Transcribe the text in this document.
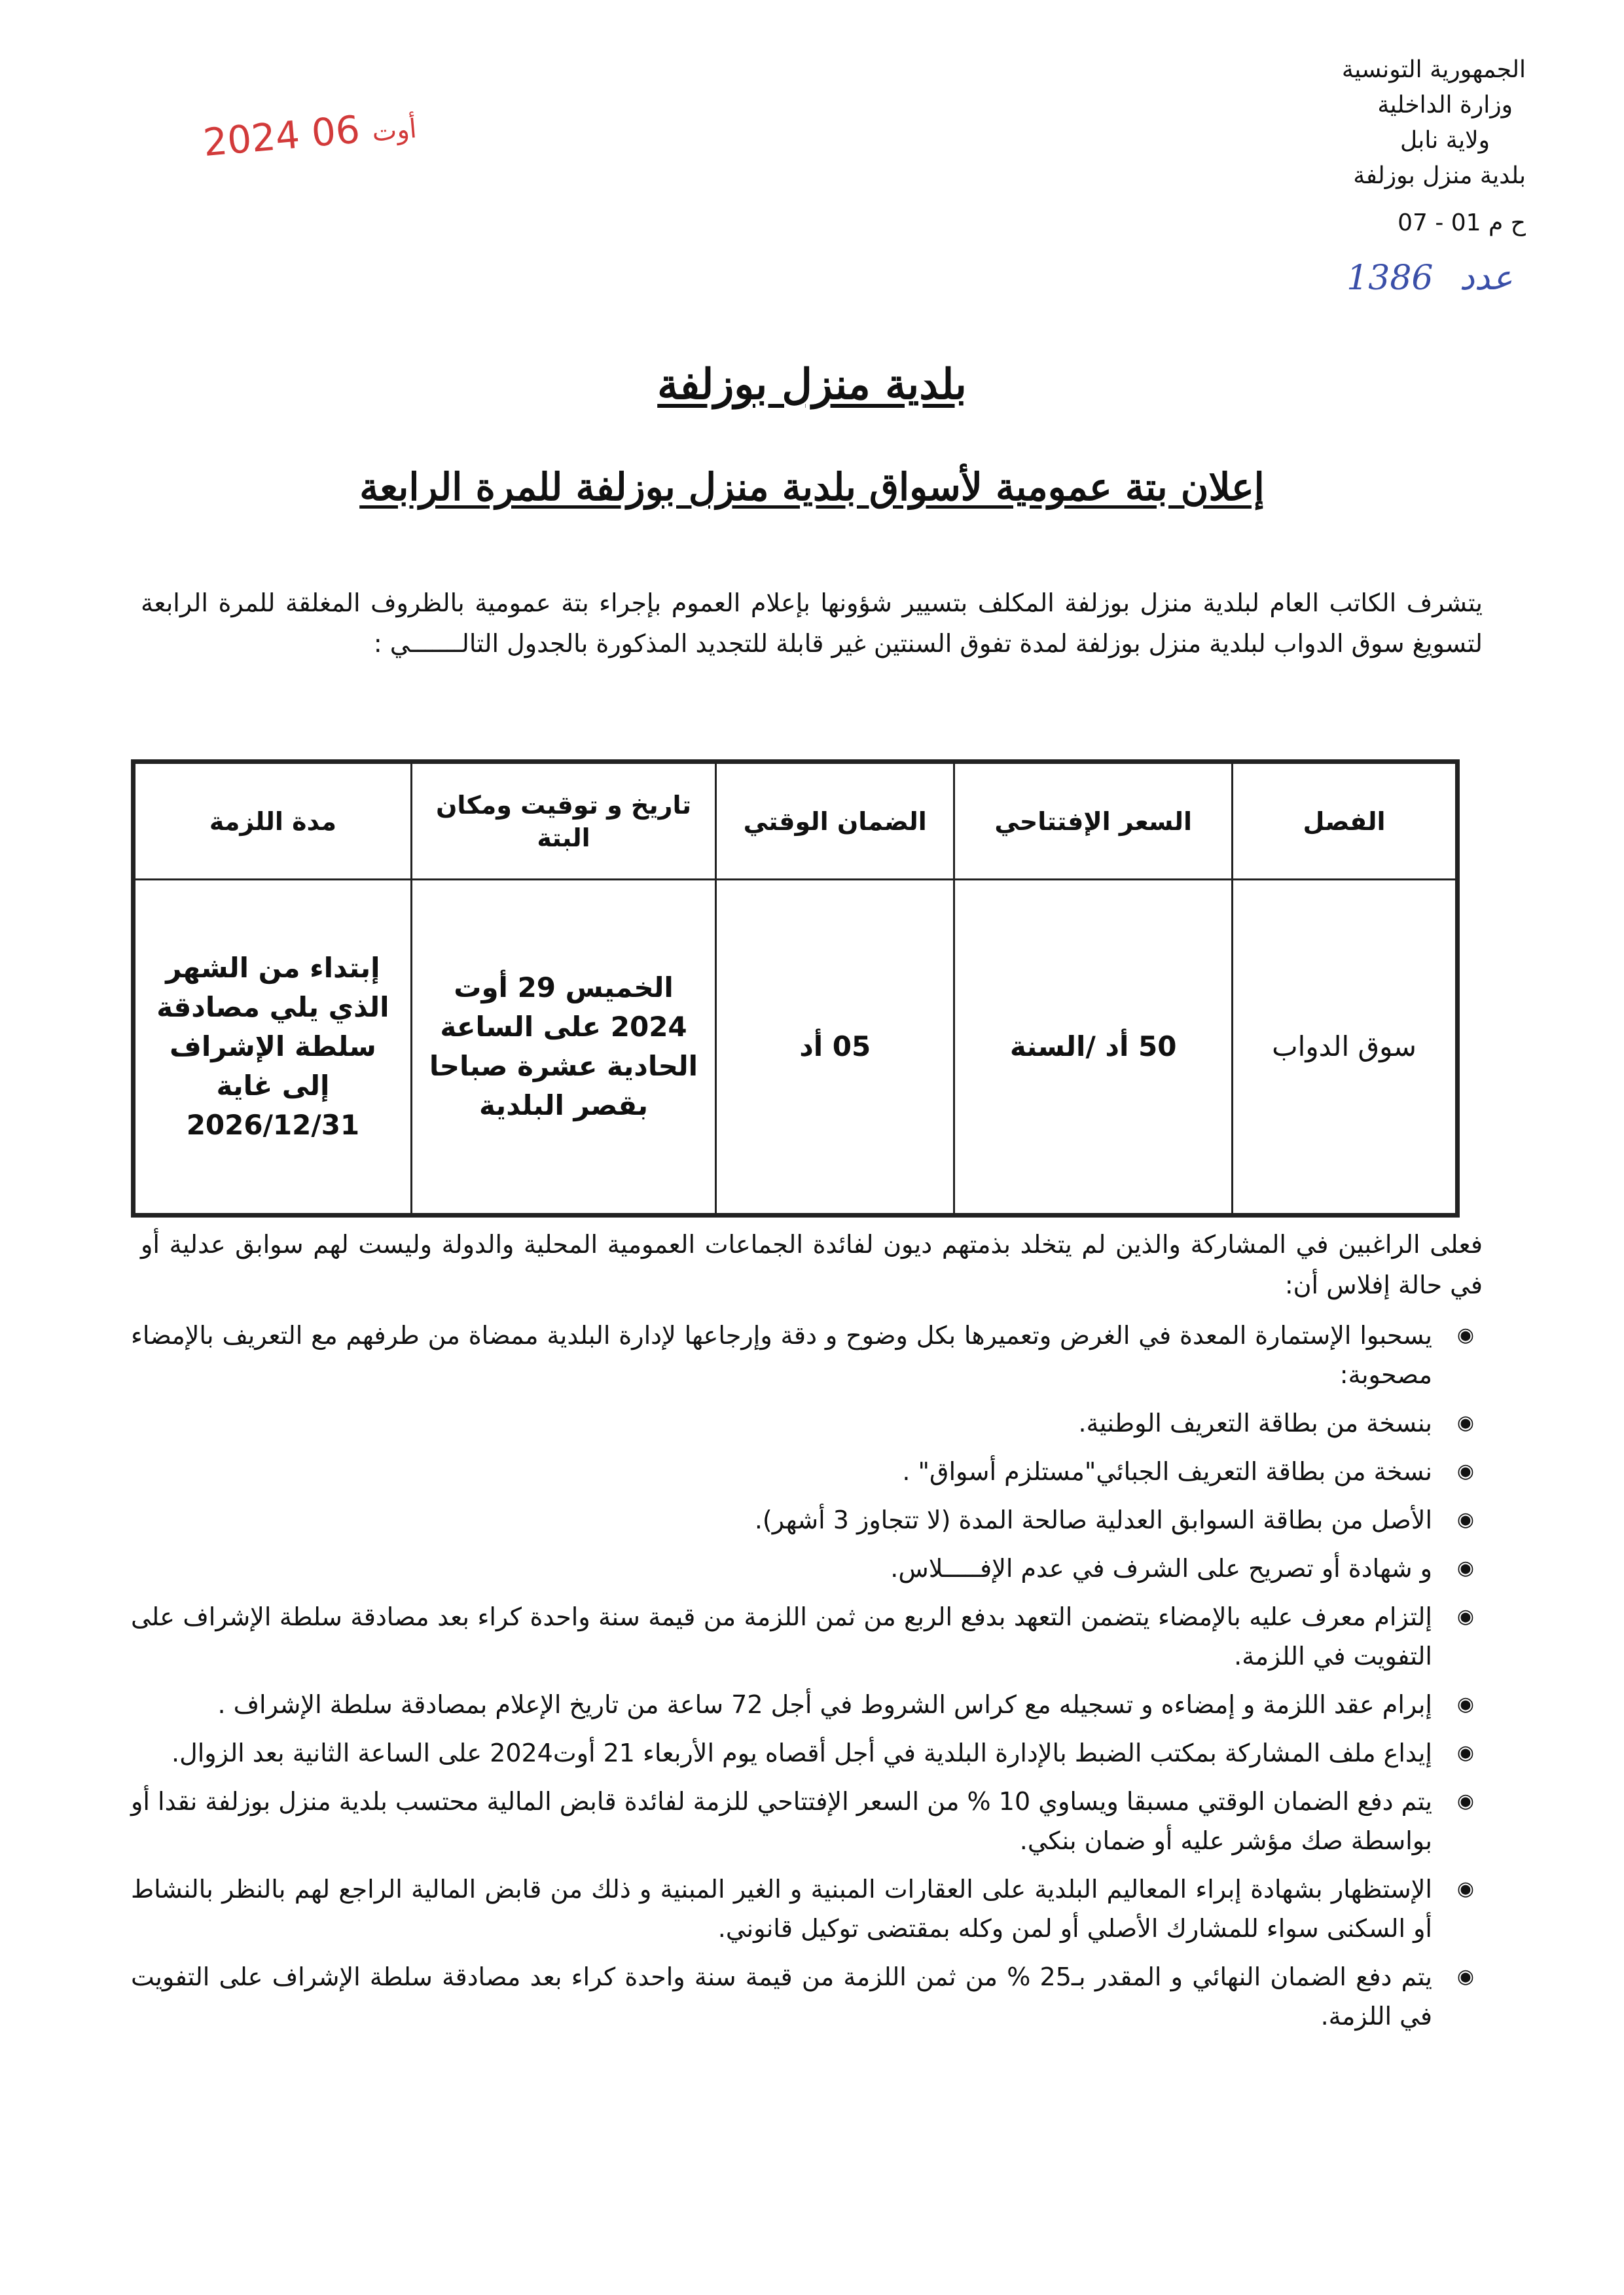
الجمهورية التونسية
وزارة الداخلية
ولاية نابل
بلدية منزل بوزلفة
07 - 01 ح م
1386 عدد
2024	أوت 06
بلدية منزل بوزلفة
إعلان بتة عمومية لأسواق بلدية منزل بوزلفة للمرة الرابعة
يتشرف الكاتب العام لبلدية منزل بوزلفة المكلف بتسيير شؤونها بإعلام العموم بإجراء بتة عمومية بالظروف المغلقة للمرة الرابعة لتسويغ سوق الدواب لبلدية منزل بوزلفة لمدة تفوق السنتين غير قابلة للتجديد المذكورة بالجدول التالـــــــي :
الفصل	السعر الإفتتاحي	الضمان الوقتي	تاريخ و توقيت ومكان البتة	مدة اللزمة
سوق الدواب	50 أد /السنة	05 أد	الخميس 29 أوت 2024 على الساعة الحادية عشرة صباحا بقصر البلدية	إبتداء من الشهر الذي يلي مصادقة سلطة الإشراف إلى غاية 2026/12/31
فعلى الراغبين في المشاركة والذين لم يتخلد بذمتهم ديون لفائدة الجماعات العمومية المحلية والدولة وليست لهم سوابق عدلية أو في حالة إفلاس أن:
◉
يسحبوا الإستمارة المعدة في الغرض وتعميرها بكل وضوح و دقة وإرجاعها لإدارة البلدية ممضاة من طرفهم مع التعريف بالإمضاء مصحوبة:
◉
بنسخة من بطاقة التعريف الوطنية.
◉
نسخة من بطاقة التعريف الجبائي"مستلزم أسواق" .
◉
الأصل من بطاقة السوابق العدلية صالحة المدة (لا تتجاوز 3 أشهر).
◉
و شهادة أو تصريح على الشرف في عدم الإفـــــلاس.
◉
إلتزام معرف عليه بالإمضاء يتضمن التعهد بدفع الربع من ثمن اللزمة من قيمة سنة واحدة كراء بعد مصادقة سلطة الإشراف على التفويت في اللزمة.
◉
إبرام عقد اللزمة و إمضاءه و تسجيله مع كراس الشروط في أجل 72 ساعة من تاريخ الإعلام بمصادقة سلطة الإشراف .
◉
إيداع ملف المشاركة بمكتب الضبط بالإدارة البلدية في أجل أقصاه يوم الأربعاء 21 أوت2024 على الساعة الثانية بعد الزوال.
◉
يتم دفع الضمان الوقتي مسبقا ويساوي 10 % من السعر الإفتتاحي للزمة لفائدة قابض المالية محتسب بلدية منزل بوزلفة نقدا أو بواسطة صك مؤشر عليه أو ضمان بنكي.
◉
الإستظهار بشهادة إبراء المعاليم البلدية على العقارات المبنية و الغير المبنية و ذلك من قابض المالية الراجع لهم بالنظر بالنشاط أو السكنى سواء للمشارك الأصلي أو لمن وكله بمقتضى توكيل قانوني.
◉
يتم دفع الضمان النهائي و المقدر بـ25 % من ثمن اللزمة من قيمة سنة واحدة كراء بعد مصادقة سلطة الإشراف على التفويت في اللزمة.
